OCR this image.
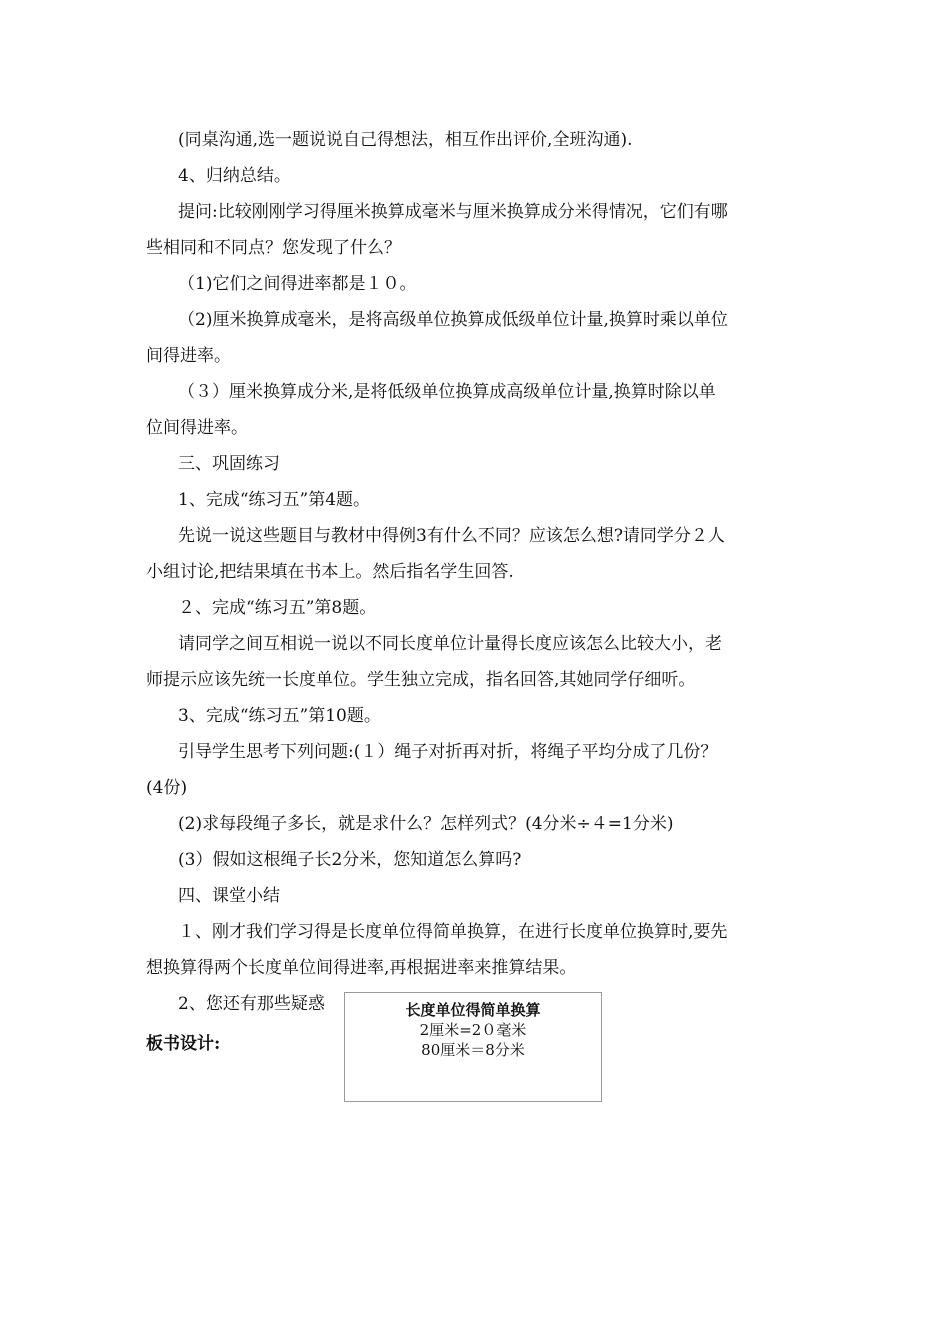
(同桌沟通,选一题说说自己得想法，相互作出评价,全班沟通).
4、归纳总结。
提问:比较刚刚学习得厘米换算成毫米与厘米换算成分米得情况，它们有哪
些相同和不同点？您发现了什么？
（1)它们之间得进率都是１０。
（2)厘米换算成毫米，是将高级单位换算成低级单位计量,换算时乘以单位
间得进率。
（３）厘米换算成分米,是将低级单位换算成高级单位计量,换算时除以单
位间得进率。
三、巩固练习
1、完成“练习五”第4题。
先说一说这些题目与教材中得例3有什么不同？应该怎么想?请同学分２人
小组讨论,把结果填在书本上。然后指名学生回答.
２、完成“练习五”第8题。
请同学之间互相说一说以不同长度单位计量得长度应该怎么比较大小，老
师提示应该先统一长度单位。学生独立完成，指名回答,其她同学仔细听。
3、完成“练习五”第10题。
引导学生思考下列问题:(１）绳子对折再对折，将绳子平均分成了几份？
(4份)
(2)求每段绳子多长，就是求什么？怎样列式？(4分米÷４=1分米)
(3）假如这根绳子长2分米，您知道怎么算吗?
四、课堂小结
１、刚才我们学习得是长度单位得简单换算，在进行长度单位换算时,要先
想换算得两个长度单位间得进率,再根据进率来推算结果。
2、您还有那些疑惑
板书设计:
长度单位得简单换算
2厘米=2０毫米
80厘米＝8分米
